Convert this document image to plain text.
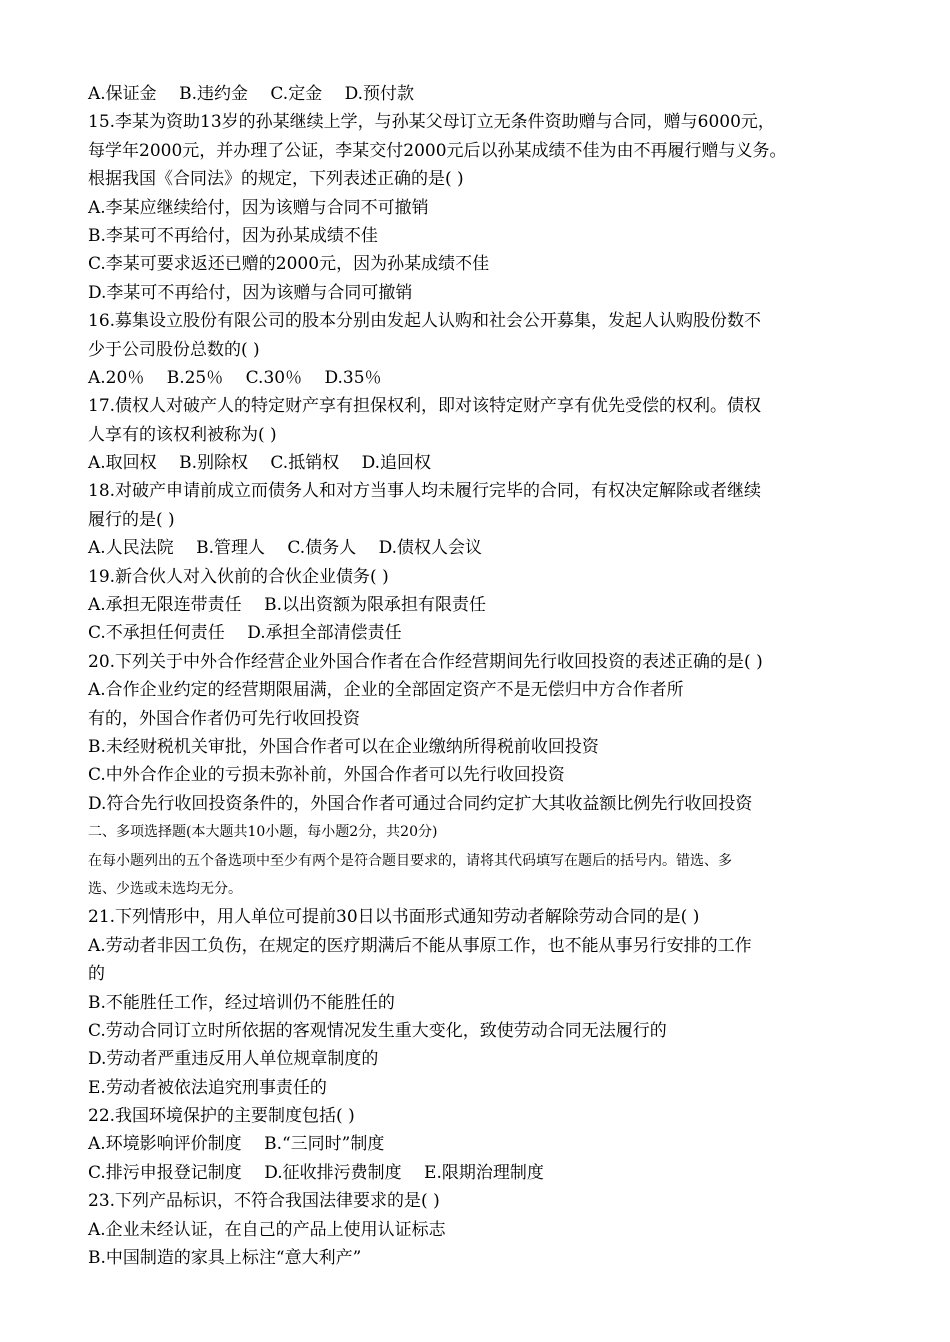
A.保证金　 B.违约金　 C.定金　 D.预付款
15.李某为资助13岁的孙某继续上学，与孙某父母订立无条件资助赠与合同，赠与6000元，
每学年2000元，并办理了公证，李某交付2000元后以孙某成绩不佳为由不再履行赠与义务。
根据我国《合同法》的规定，下列表述正确的是( )
A.李某应继续给付，因为该赠与合同不可撤销
B.李某可不再给付，因为孙某成绩不佳
C.李某可要求返还已赠的2000元，因为孙某成绩不佳
D.李某可不再给付，因为该赠与合同可撤销
16.募集设立股份有限公司的股本分别由发起人认购和社会公开募集，发起人认购股份数不
少于公司股份总数的( )
A.20％　 B.25％　 C.30％　 D.35％
17.债权人对破产人的特定财产享有担保权利，即对该特定财产享有优先受偿的权利。债权
人享有的该权利被称为( )
A.取回权　 B.别除权　 C.抵销权　 D.追回权
18.对破产申请前成立而债务人和对方当事人均未履行完毕的合同，有权决定解除或者继续
履行的是( )
A.人民法院　 B.管理人　 C.债务人　 D.债权人会议
19.新合伙人对入伙前的合伙企业债务( )
A.承担无限连带责任　 B.以出资额为限承担有限责任
C.不承担任何责任　 D.承担全部清偿责任
20.下列关于中外合作经营企业外国合作者在合作经营期间先行收回投资的表述正确的是( )
A.合作企业约定的经营期限届满，企业的全部固定资产不是无偿归中方合作者所
有的，外国合作者仍可先行收回投资
B.未经财税机关审批，外国合作者可以在企业缴纳所得税前收回投资
C.中外合作企业的亏损未弥补前，外国合作者可以先行收回投资
D.符合先行收回投资条件的，外国合作者可通过合同约定扩大其收益额比例先行收回投资
二、多项选择题(本大题共10小题，每小题2分，共20分)
在每小题列出的五个备选项中至少有两个是符合题目要求的，请将其代码填写在题后的括号内。错选、多
选、少选或未选均无分。
21.下列情形中，用人单位可提前30日以书面形式通知劳动者解除劳动合同的是( )
A.劳动者非因工负伤，在规定的医疗期满后不能从事原工作，也不能从事另行安排的工作
的
B.不能胜任工作，经过培训仍不能胜任的
C.劳动合同订立时所依据的客观情况发生重大变化，致使劳动合同无法履行的
D.劳动者严重违反用人单位规章制度的
E.劳动者被依法追究刑事责任的
22.我国环境保护的主要制度包括( )
A.环境影响评价制度　 B.“三同时”制度
C.排污申报登记制度　 D.征收排污费制度　 E.限期治理制度
23.下列产品标识，不符合我国法律要求的是( )
A.企业未经认证，在自己的产品上使用认证标志
B.中国制造的家具上标注“意大利产”
